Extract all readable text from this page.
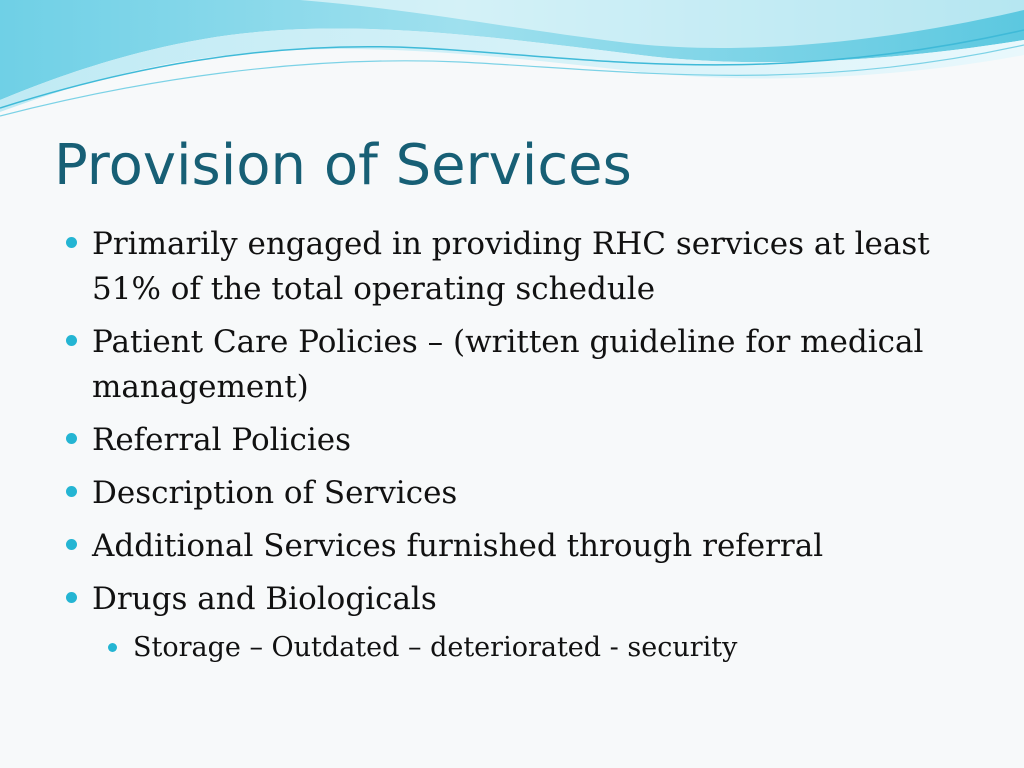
Provision of Services
Primarily engaged in providing RHC services at least 51% of the total operating schedule
Patient Care Policies – (written guideline for medical management)
Referral Policies
Description of Services
Additional Services furnished through referral
Drugs and Biologicals
Storage – Outdated – deteriorated - security
